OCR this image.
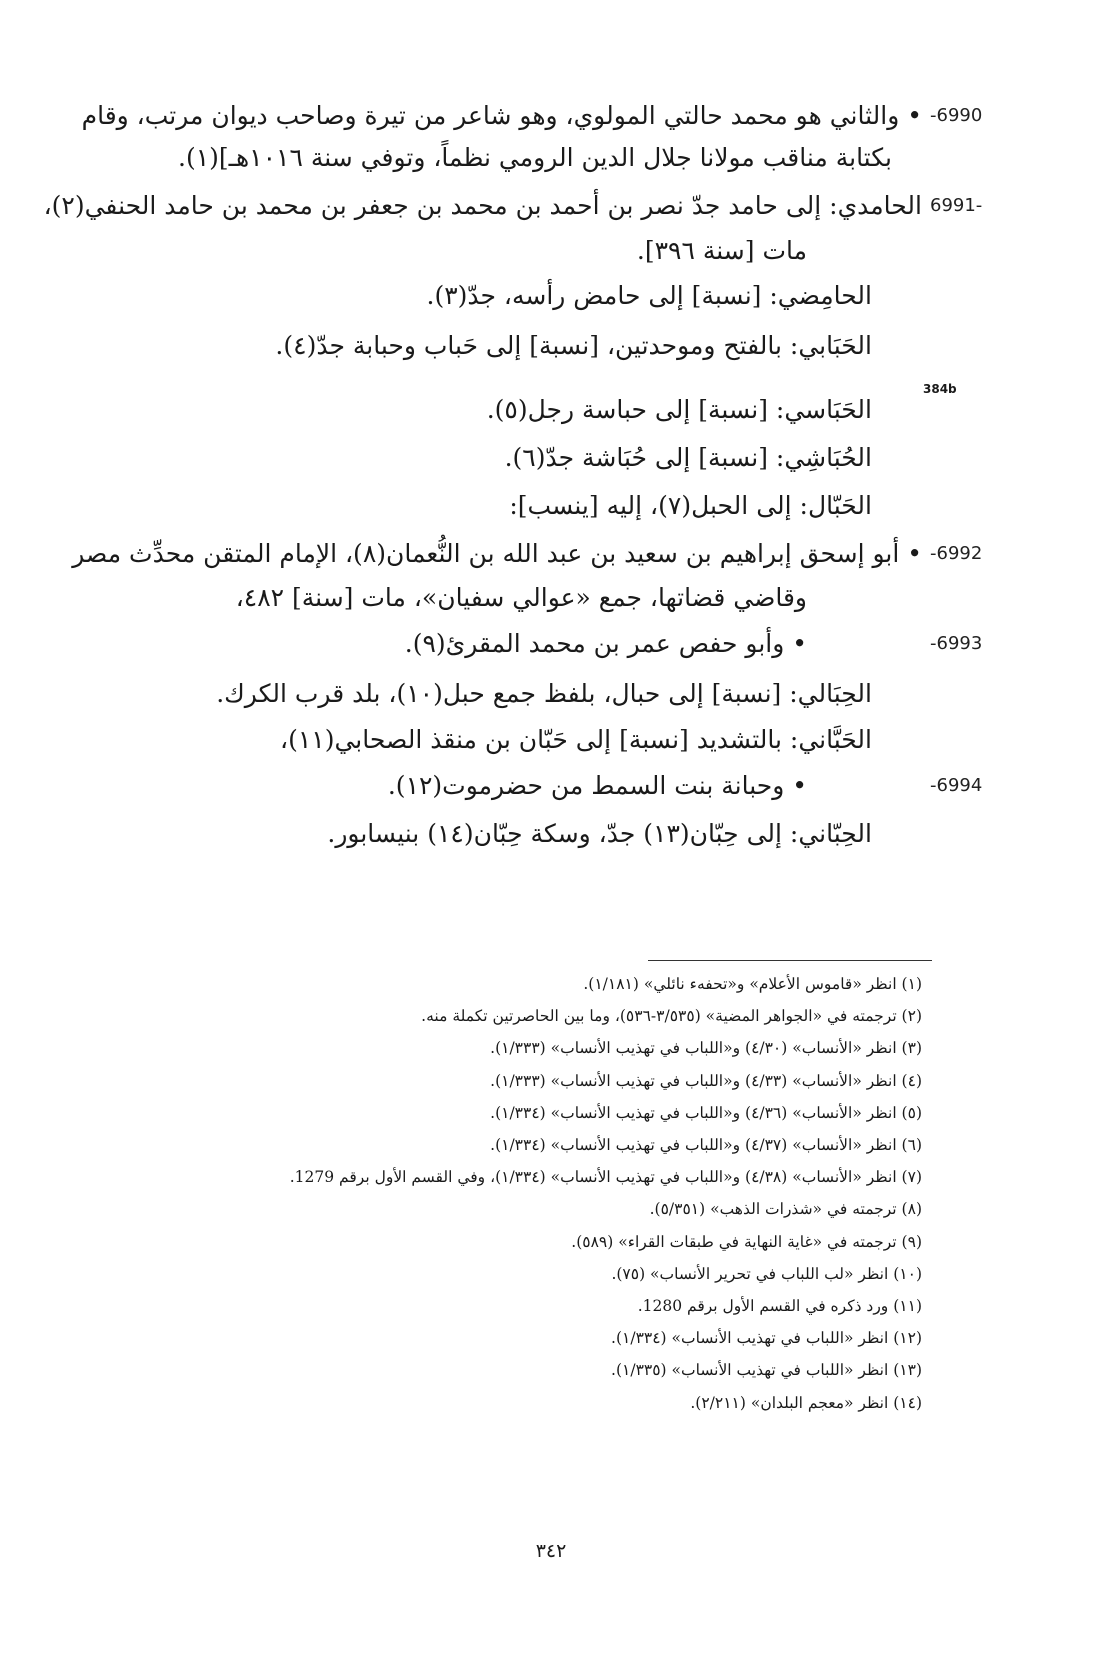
384b
٣٤٢
• والثاني هو محمد حالتي المولوي، وهو شاعر من تيرة وصاحب ديوان مرتب، وقام -6990
بكتابة مناقب مولانا جلال الدين الرومي نظماً، وتوفي سنة ١٠١٦هـ](١).
الحامدي: إلى حامد جدّ نصر بن أحمد بن محمد بن جعفر بن محمد بن حامد الحنفي(٢)، 6991-
مات [سنة ٣٩٦].
الحامِضي: [نسبة] إلى حامض رأسه، جدّ(٣).
الحَبَابي: بالفتح وموحدتين، [نسبة] إلى حَباب وحبابة جدّ(٤).
الحَبَاسي: [نسبة] إلى حباسة رجل(٥).
الحُبَاشِي: [نسبة] إلى حُبَاشة جدّ(٦).
الحَبّال: إلى الحبل(٧)، إليه [ينسب]:
• أبو إسحق إبراهيم بن سعيد بن عبد الله بن النُّعمان(٨)، الإمام المتقن محدِّث مصر -6992
وقاضي قضاتها، جمع «عوالي سفيان»، مات [سنة] ٤٨٢،
• وأبو حفص عمر بن محمد المقرئ(٩).	-6993
الحِبَالي: [نسبة] إلى حبال، بلفظ جمع حبل(١٠)، بلد قرب الكرك.
الحَبَّاني: بالتشديد [نسبة] إلى حَبّان بن منقذ الصحابي(١١)،
• وحبانة بنت السمط من حضرموت(١٢).	-6994
الحِبّاني: إلى حِبّان(١٣) جدّ، وسكة حِبّان(١٤) بنيسابور.
(١) انظر «قاموس الأعلام» و«تحفهء نائلي» (١/١٨١).
(٢) ترجمته في «الجواهر المضية» (٣/٥٣٥-٥٣٦)، وما بين الحاصرتين تكملة منه.
(٣) انظر «الأنساب» (٤/٣٠) و«اللباب في تهذيب الأنساب» (١/٣٣٣).
(٤) انظر «الأنساب» (٤/٣٣) و«اللباب في تهذيب الأنساب» (١/٣٣٣).
(٥) انظر «الأنساب» (٤/٣٦) و«اللباب في تهذيب الأنساب» (١/٣٣٤).
(٦) انظر «الأنساب» (٤/٣٧) و«اللباب في تهذيب الأنساب» (١/٣٣٤).
(٧) انظر «الأنساب» (٤/٣٨) و«اللباب في تهذيب الأنساب» (١/٣٣٤)، وفي القسم الأول برقم 1279.
(٨) ترجمته في «شذرات الذهب» (٥/٣٥١).
(٩) ترجمته في «غاية النهاية في طبقات القراء» (٥٨٩).
(١٠) انظر «لب اللباب في تحرير الأنساب» (٧٥).
(١١) ورد ذكره في القسم الأول برقم 1280.
(١٢) انظر «اللباب في تهذيب الأنساب» (١/٣٣٤).
(١٣) انظر «اللباب في تهذيب الأنساب» (١/٣٣٥).
(١٤) انظر «معجم البلدان» (٢/٢١١).
